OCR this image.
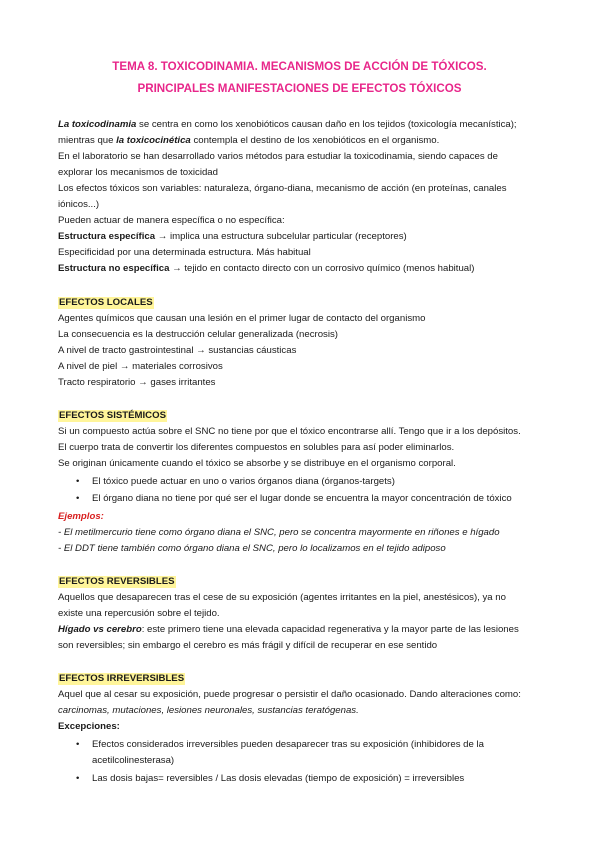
TEMA 8. TOXICODINAMIA. MECANISMOS DE ACCIÓN DE TÓXICOS.
PRINCIPALES MANIFESTACIONES DE EFECTOS TÓXICOS
La toxicodinamia se centra en como los xenobióticos causan daño en los tejidos (toxicología mecanística);
mientras que la toxicocinética contempla el destino de los xenobióticos en el organismo.
En el laboratorio se han desarrollado varios métodos para estudiar la toxicodinamia, siendo capaces de
explorar los mecanismos de toxicidad
Los efectos tóxicos son variables: naturaleza, órgano-diana, mecanismo de acción (en proteínas, canales
iónicos...)
Pueden actuar de manera específica o no específica:
Estructura específica → implica una estructura subcelular particular (receptores)
Especificidad por una determinada estructura. Más habitual
Estructura no específica → tejido en contacto directo con un corrosivo químico (menos habitual)
EFECTOS LOCALES
Agentes químicos que causan una lesión en el primer lugar de contacto del organismo
La consecuencia es la destrucción celular generalizada (necrosis)
A nivel de tracto gastrointestinal → sustancias cáusticas
A nivel de piel → materiales corrosivos
Tracto respiratorio → gases irritantes
EFECTOS SISTÉMICOS
Si un compuesto actúa sobre el SNC no tiene por que el tóxico encontrarse allí. Tengo que ir a los depósitos.
El cuerpo trata de convertir los diferentes compuestos en solubles para así poder eliminarlos.
Se originan únicamente cuando el tóxico se absorbe y se distribuye en el organismo corporal.
• El tóxico puede actuar en uno o varios órganos diana (órganos-targets)
• El órgano diana no tiene por qué ser el lugar donde se encuentra la mayor concentración de tóxico
Ejemplos:
- El metilmercurio tiene como órgano diana el SNC, pero se concentra mayormente en riñones e hígado
- El DDT tiene también como órgano diana el SNC, pero lo localizamos en el tejido adiposo
EFECTOS REVERSIBLES
Aquellos que desaparecen tras el cese de su exposición (agentes irritantes en la piel, anestésicos), ya no
existe una repercusión sobre el tejido.
Hígado vs cerebro: este primero tiene una elevada capacidad regenerativa y la mayor parte de las lesiones
son reversibles; sin embargo el cerebro es más frágil y difícil de recuperar en ese sentido
EFECTOS IRREVERSIBLES
Aquel que al cesar su exposición, puede progresar o persistir el daño ocasionado. Dando alteraciones como:
carcinomas, mutaciones, lesiones neuronales, sustancias teratógenas.
Excepciones:
• Efectos considerados irreversibles pueden desaparecer tras su exposición (inhibidores de la
acetilcolinesterasa)
• Las dosis bajas= reversibles / Las dosis elevadas (tiempo de exposición) = irreversibles
